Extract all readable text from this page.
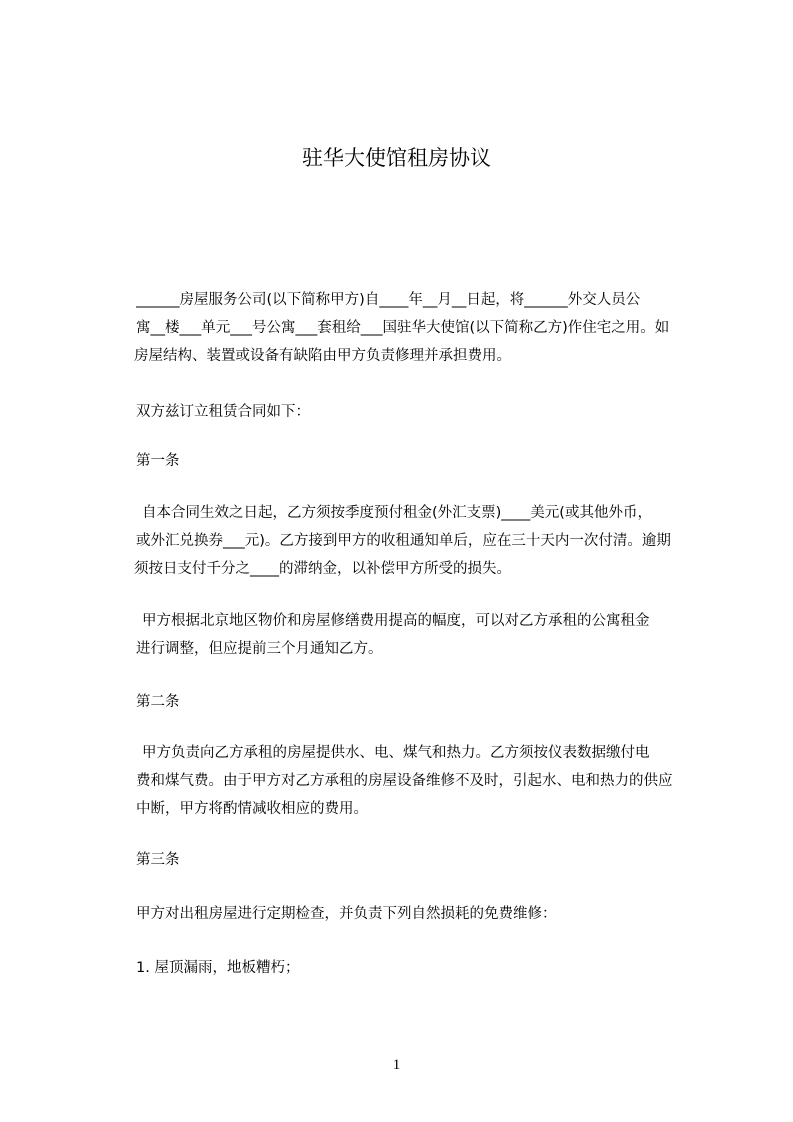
驻华大使馆租房协议
______房屋服务公司(以下简称甲方)自____年__月__日起，将______外交人员公
寓__楼___单元___号公寓___套租给___国驻华大使馆(以下简称乙方)作住宅之用。如
房屋结构、装置或设备有缺陷由甲方负责修理并承担费用。
双方兹订立租赁合同如下：
第一条
自本合同生效之日起，乙方须按季度预付租金(外汇支票)____美元(或其他外币，
或外汇兑换券___元)。乙方接到甲方的收租通知单后，应在三十天内一次付清。逾期
须按日支付千分之____的滞纳金，以补偿甲方所受的损失。
甲方根据北京地区物价和房屋修缮费用提高的幅度，可以对乙方承租的公寓租金
进行调整，但应提前三个月通知乙方。
第二条
甲方负责向乙方承租的房屋提供水、电、煤气和热力。乙方须按仪表数据缴付电
费和煤气费。由于甲方对乙方承租的房屋设备维修不及时，引起水、电和热力的供应
中断，甲方将酌情减收相应的费用。
第三条
甲方对出租房屋进行定期检查，并负责下列自然损耗的免费维修：
1. 屋顶漏雨，地板糟朽；
1
